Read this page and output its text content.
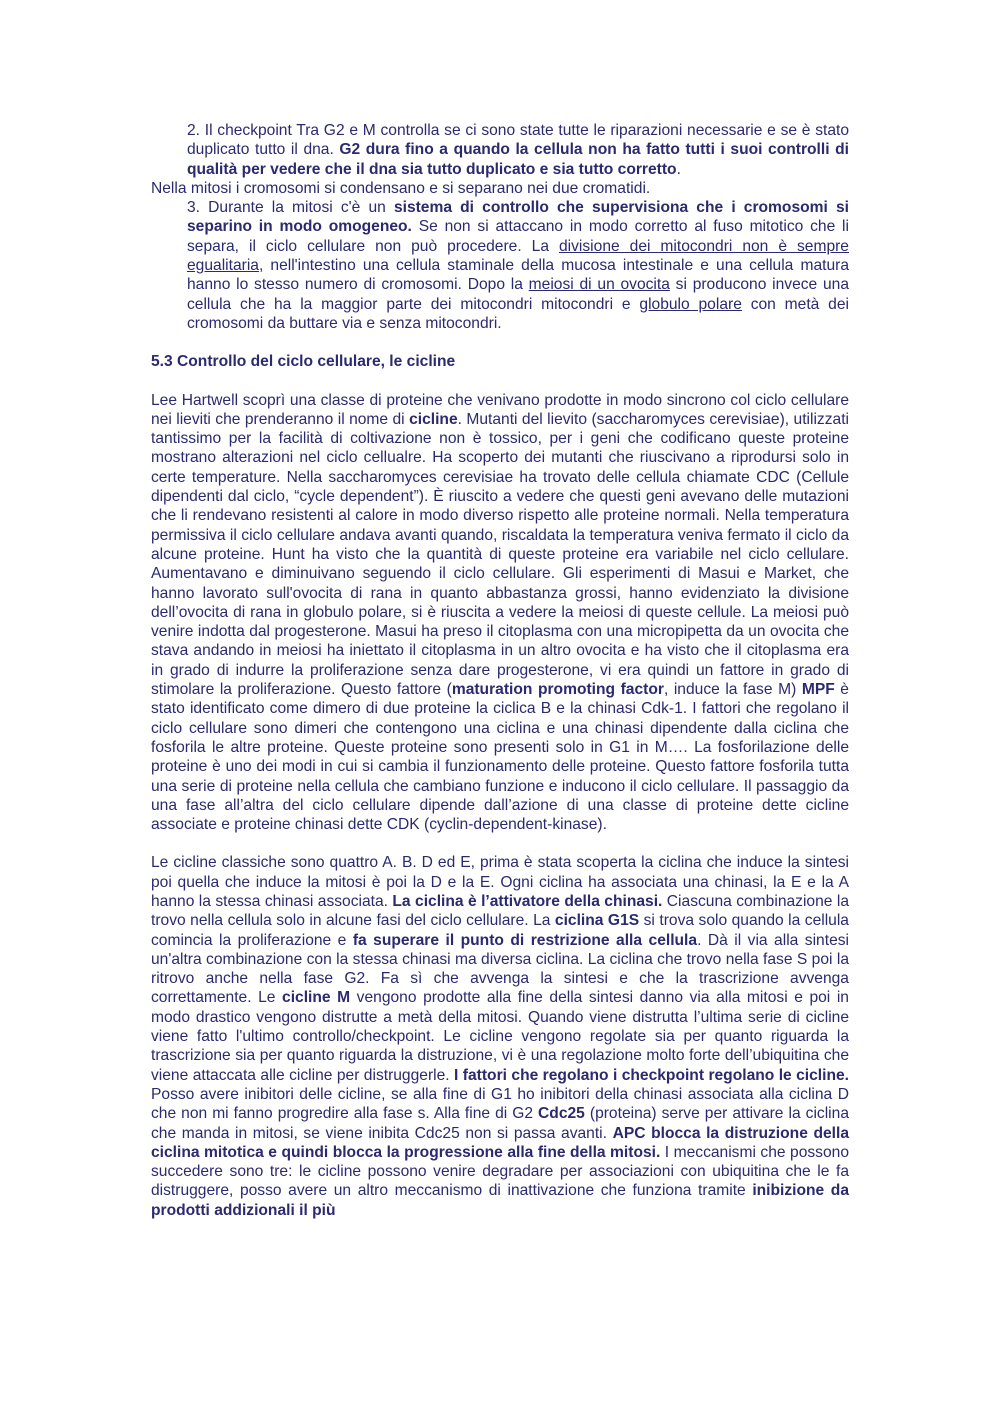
2. Il checkpoint Tra G2 e M controlla se ci sono state tutte le riparazioni necessarie e se è stato duplicato tutto il dna. G2 dura fino a quando la cellula non ha fatto tutti i suoi controlli di qualità per vedere che il dna sia tutto duplicato e sia tutto corretto.

Nella mitosi i cromosomi si condensano e si separano nei due cromatidi.

3. Durante la mitosi c'è un sistema di controllo che supervisiona che i cromosomi si separino in modo omogeneo. Se non si attaccano in modo corretto al fuso mitotico che li separa, il ciclo cellulare non può procedere. La divisione dei mitocondri non è sempre egualitaria, nell'intestino una cellula staminale della mucosa intestinale e una cellula matura hanno lo stesso numero di cromosomi. Dopo la meiosi di un ovocita si producono invece una cellula che ha la maggior parte dei mitocondri mitocondri e globulo polare con metà dei cromosomi da buttare via e senza mitocondri.

5.3 Controllo del ciclo cellulare, le cicline

Lee Hartwell scoprì una classe di proteine che venivano prodotte in modo sincrono col ciclo cellulare nei lieviti che prenderanno il nome di cicline. Mutanti del lievito (saccharomyces cerevisiae), utilizzati tantissimo per la facilità di coltivazione non è tossico, per i geni che codificano queste proteine mostrano alterazioni nel ciclo cellualre. Ha scoperto dei mutanti che riuscivano a riprodursi solo in certe temperature. Nella saccharomyces cerevisiae ha trovato delle cellula chiamate CDC (Cellule dipendenti dal ciclo, “cycle dependent”). È riuscito a vedere che questi geni avevano delle mutazioni che li rendevano resistenti al calore in modo diverso rispetto alle proteine normali. Nella temperatura permissiva il ciclo cellulare andava avanti quando, riscaldata la temperatura veniva fermato il ciclo da alcune proteine. Hunt ha visto che la quantità di queste proteine era variabile nel ciclo cellulare. Aumentavano e diminuivano seguendo il ciclo cellulare. Gli esperimenti di Masui e Market, che hanno lavorato sull'ovocita di rana in quanto abbastanza grossi, hanno evidenziato la divisione dell’ovocita di rana in globulo polare, si è riuscita a vedere la meiosi di queste cellule. La meiosi può venire indotta dal progesterone. Masui ha preso il citoplasma con una micropipetta da un ovocita che stava andando in meiosi ha iniettato il citoplasma in un altro ovocita e ha visto che il citoplasma era in grado di indurre la proliferazione senza dare progesterone, vi era quindi un fattore in grado di stimolare la proliferazione. Questo fattore (maturation promoting factor, induce la fase M) MPF è stato identificato come dimero di due proteine la ciclica B e la chinasi Cdk-1. I fattori che regolano il ciclo cellulare sono dimeri che contengono una ciclina e una chinasi dipendente dalla ciclina che fosforila le altre proteine. Queste proteine sono presenti solo in G1 in M…. La fosforilazione delle proteine è uno dei modi in cui si cambia il funzionamento delle proteine. Questo fattore fosforila tutta una serie di proteine nella cellula che cambiano funzione e inducono il ciclo cellulare. Il passaggio da una fase all’altra del ciclo cellulare dipende dall’azione di una classe di proteine dette cicline associate e proteine chinasi dette CDK (cyclin-dependent-kinase).

Le cicline classiche sono quattro A. B. D ed E, prima è stata scoperta la ciclina che induce la sintesi poi quella che induce la mitosi è poi la D e la E. Ogni ciclina ha associata una chinasi, la E e la A hanno la stessa chinasi associata. La ciclina è l’attivatore della chinasi. Ciascuna combinazione la trovo nella cellula solo in alcune fasi del ciclo cellulare. La ciclina G1S si trova solo quando la cellula comincia la proliferazione e fa superare il punto di restrizione alla cellula. Dà il via alla sintesi un'altra combinazione con la stessa chinasi ma diversa ciclina. La ciclina che trovo nella fase S poi la ritrovo anche nella fase G2. Fa sì che avvenga la sintesi e che la trascrizione avvenga correttamente. Le cicline M vengono prodotte alla fine della sintesi danno via alla mitosi e poi in modo drastico vengono distrutte a metà della mitosi. Quando viene distrutta l’ultima serie di cicline viene fatto l'ultimo controllo/checkpoint. Le cicline vengono regolate sia per quanto riguarda la trascrizione sia per quanto riguarda la distruzione, vi è una regolazione molto forte dell’ubiquitina che viene attaccata alle cicline per distruggerle. I fattori che regolano i checkpoint regolano le cicline. Posso avere inibitori delle cicline, se alla fine di G1 ho inibitori della chinasi associata alla ciclina D che non mi fanno progredire alla fase s. Alla fine di G2 Cdc25 (proteina) serve per attivare la ciclina che manda in mitosi, se viene inibita Cdc25 non si passa avanti. APC blocca la distruzione della ciclina mitotica e quindi blocca la progressione alla fine della mitosi. I meccanismi che possono succedere sono tre: le cicline possono venire degradare per associazioni con ubiquitina che le fa distruggere, posso avere un altro meccanismo di inattivazione che funziona tramite inibizione da prodotti addizionali il più
